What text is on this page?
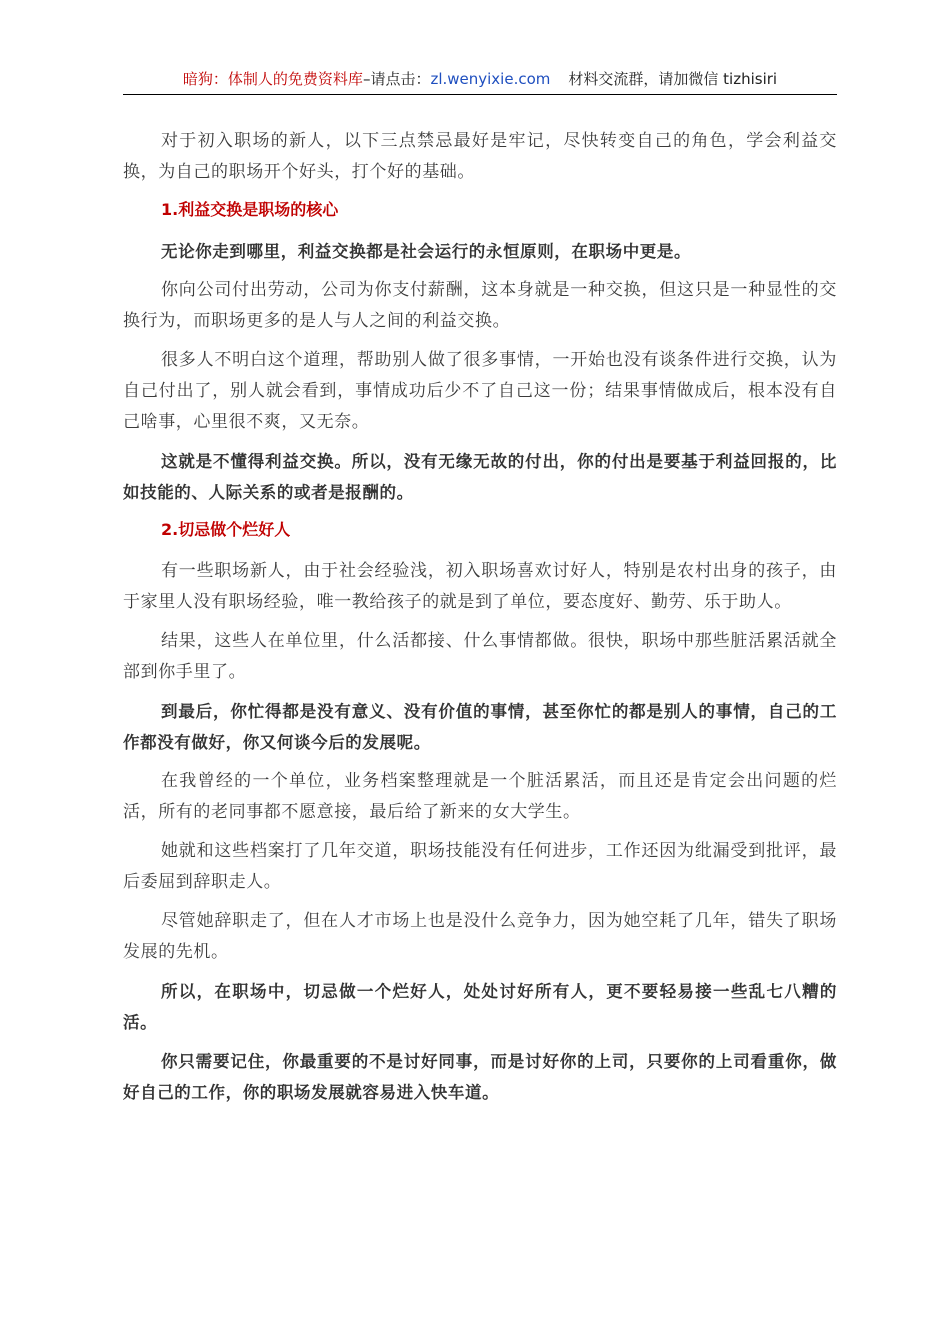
暗狗：体制人的免费资料库–请点击：zl.wenyixie.com 材料交流群，请加微信 tizhisiri

对于初入职场的新人，以下三点禁忌最好是牢记，尽快转变自己的角色，学会利益交换，为自己的职场开个好头，打个好的基础。

1.利益交换是职场的核心

无论你走到哪里，利益交换都是社会运行的永恒原则，在职场中更是。

你向公司付出劳动，公司为你支付薪酬，这本身就是一种交换，但这只是一种显性的交换行为，而职场更多的是人与人之间的利益交换。

很多人不明白这个道理，帮助别人做了很多事情，一开始也没有谈条件进行交换，认为自己付出了，别人就会看到，事情成功后少不了自己这一份；结果事情做成后，根本没有自己啥事，心里很不爽，又无奈。

这就是不懂得利益交换。所以，没有无缘无故的付出，你的付出是要基于利益回报的，比如技能的、人际关系的或者是报酬的。

2.切忌做个烂好人

有一些职场新人，由于社会经验浅，初入职场喜欢讨好人，特别是农村出身的孩子，由于家里人没有职场经验，唯一教给孩子的就是到了单位，要态度好、勤劳、乐于助人。

结果，这些人在单位里，什么活都接、什么事情都做。很快，职场中那些脏活累活就全部到你手里了。

到最后，你忙得都是没有意义、没有价值的事情，甚至你忙的都是别人的事情，自己的工作都没有做好，你又何谈今后的发展呢。

在我曾经的一个单位，业务档案整理就是一个脏活累活，而且还是肯定会出问题的烂活，所有的老同事都不愿意接，最后给了新来的女大学生。

她就和这些档案打了几年交道，职场技能没有任何进步，工作还因为纰漏受到批评，最后委屈到辞职走人。

尽管她辞职走了，但在人才市场上也是没什么竞争力，因为她空耗了几年，错失了职场发展的先机。

所以，在职场中，切忌做一个烂好人，处处讨好所有人，更不要轻易接一些乱七八糟的活。

你只需要记住，你最重要的不是讨好同事，而是讨好你的上司，只要你的上司看重你，做好自己的工作，你的职场发展就容易进入快车道。
